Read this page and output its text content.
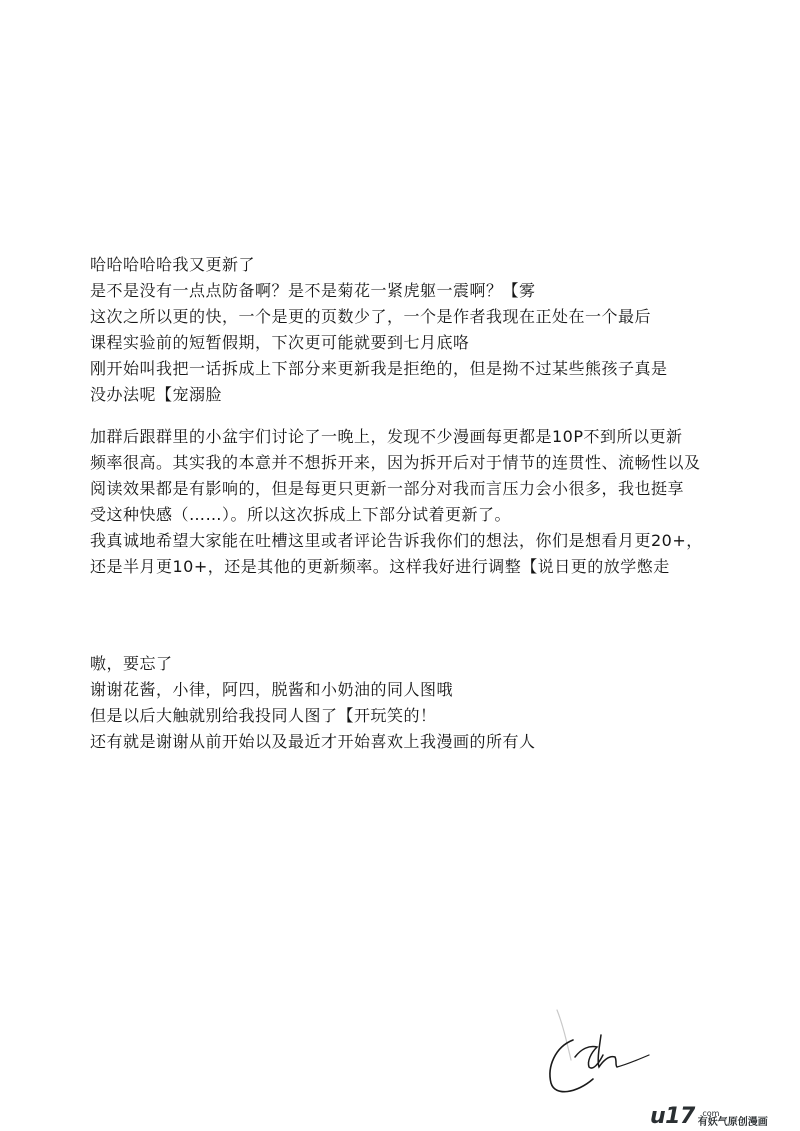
哈哈哈哈哈我又更新了
是不是没有一点点防备啊？是不是菊花一紧虎躯一震啊？【雾
这次之所以更的快，一个是更的页数少了，一个是作者我现在正处在一个最后
课程实验前的短暂假期，下次更可能就要到七月底咯
刚开始叫我把一话拆成上下部分来更新我是拒绝的，但是拗不过某些熊孩子真是
没办法呢【宠溺脸
加群后跟群里的小盆宇们讨论了一晚上，发现不少漫画每更都是10P不到所以更新
频率很高。其实我的本意并不想拆开来，因为拆开后对于情节的连贯性、流畅性以及
阅读效果都是有影响的，但是每更只更新一部分对我而言压力会小很多，我也挺享
受这种快感（……）。所以这次拆成上下部分试着更新了。
我真诚地希望大家能在吐槽这里或者评论告诉我你们的想法，你们是想看月更20+，
还是半月更10+，还是其他的更新频率。这样我好进行调整【说日更的放学憋走
嗷，要忘了
谢谢花酱，小律，阿四，脱酱和小奶油的同人图哦
但是以后大触就别给我投同人图了【开玩笑的！
还有就是谢谢从前开始以及最近才开始喜欢上我漫画的所有人
u17 .com
有妖气原创漫画
